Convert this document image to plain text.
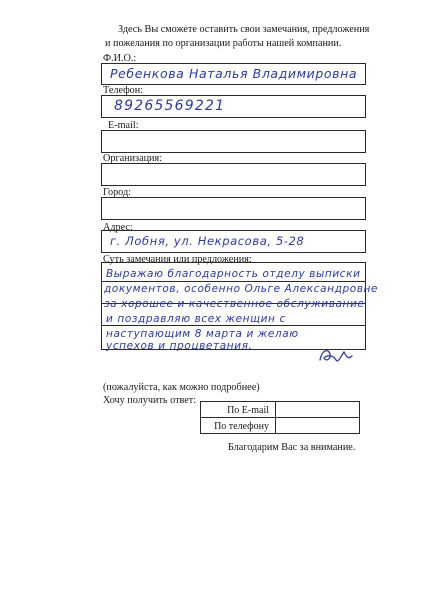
Здесь Вы сможете оставить свои замечания, предложения
и пожелания по организации работы нашей компании.
Ф.И.О.:
Ребенкова Наталья Владимировна
Телефон:
89265569221
E-mail:
Организация:
Город:
Адрес:
г. Лобня, ул. Некрасова, 5-28
Суть замечания или предложения:
Выражаю благодарность отделу выписки
документов, особенно Ольге Александровне
за хорошее и качественное обслуживание
и поздравляю всех женщин с
наступающим 8 марта и желаю
успехов и процветания.
(пожалуйста, как можно подробнее)
Хочу получить ответ:
По E-mail
По телефону
Благодарим Вас за внимание.
